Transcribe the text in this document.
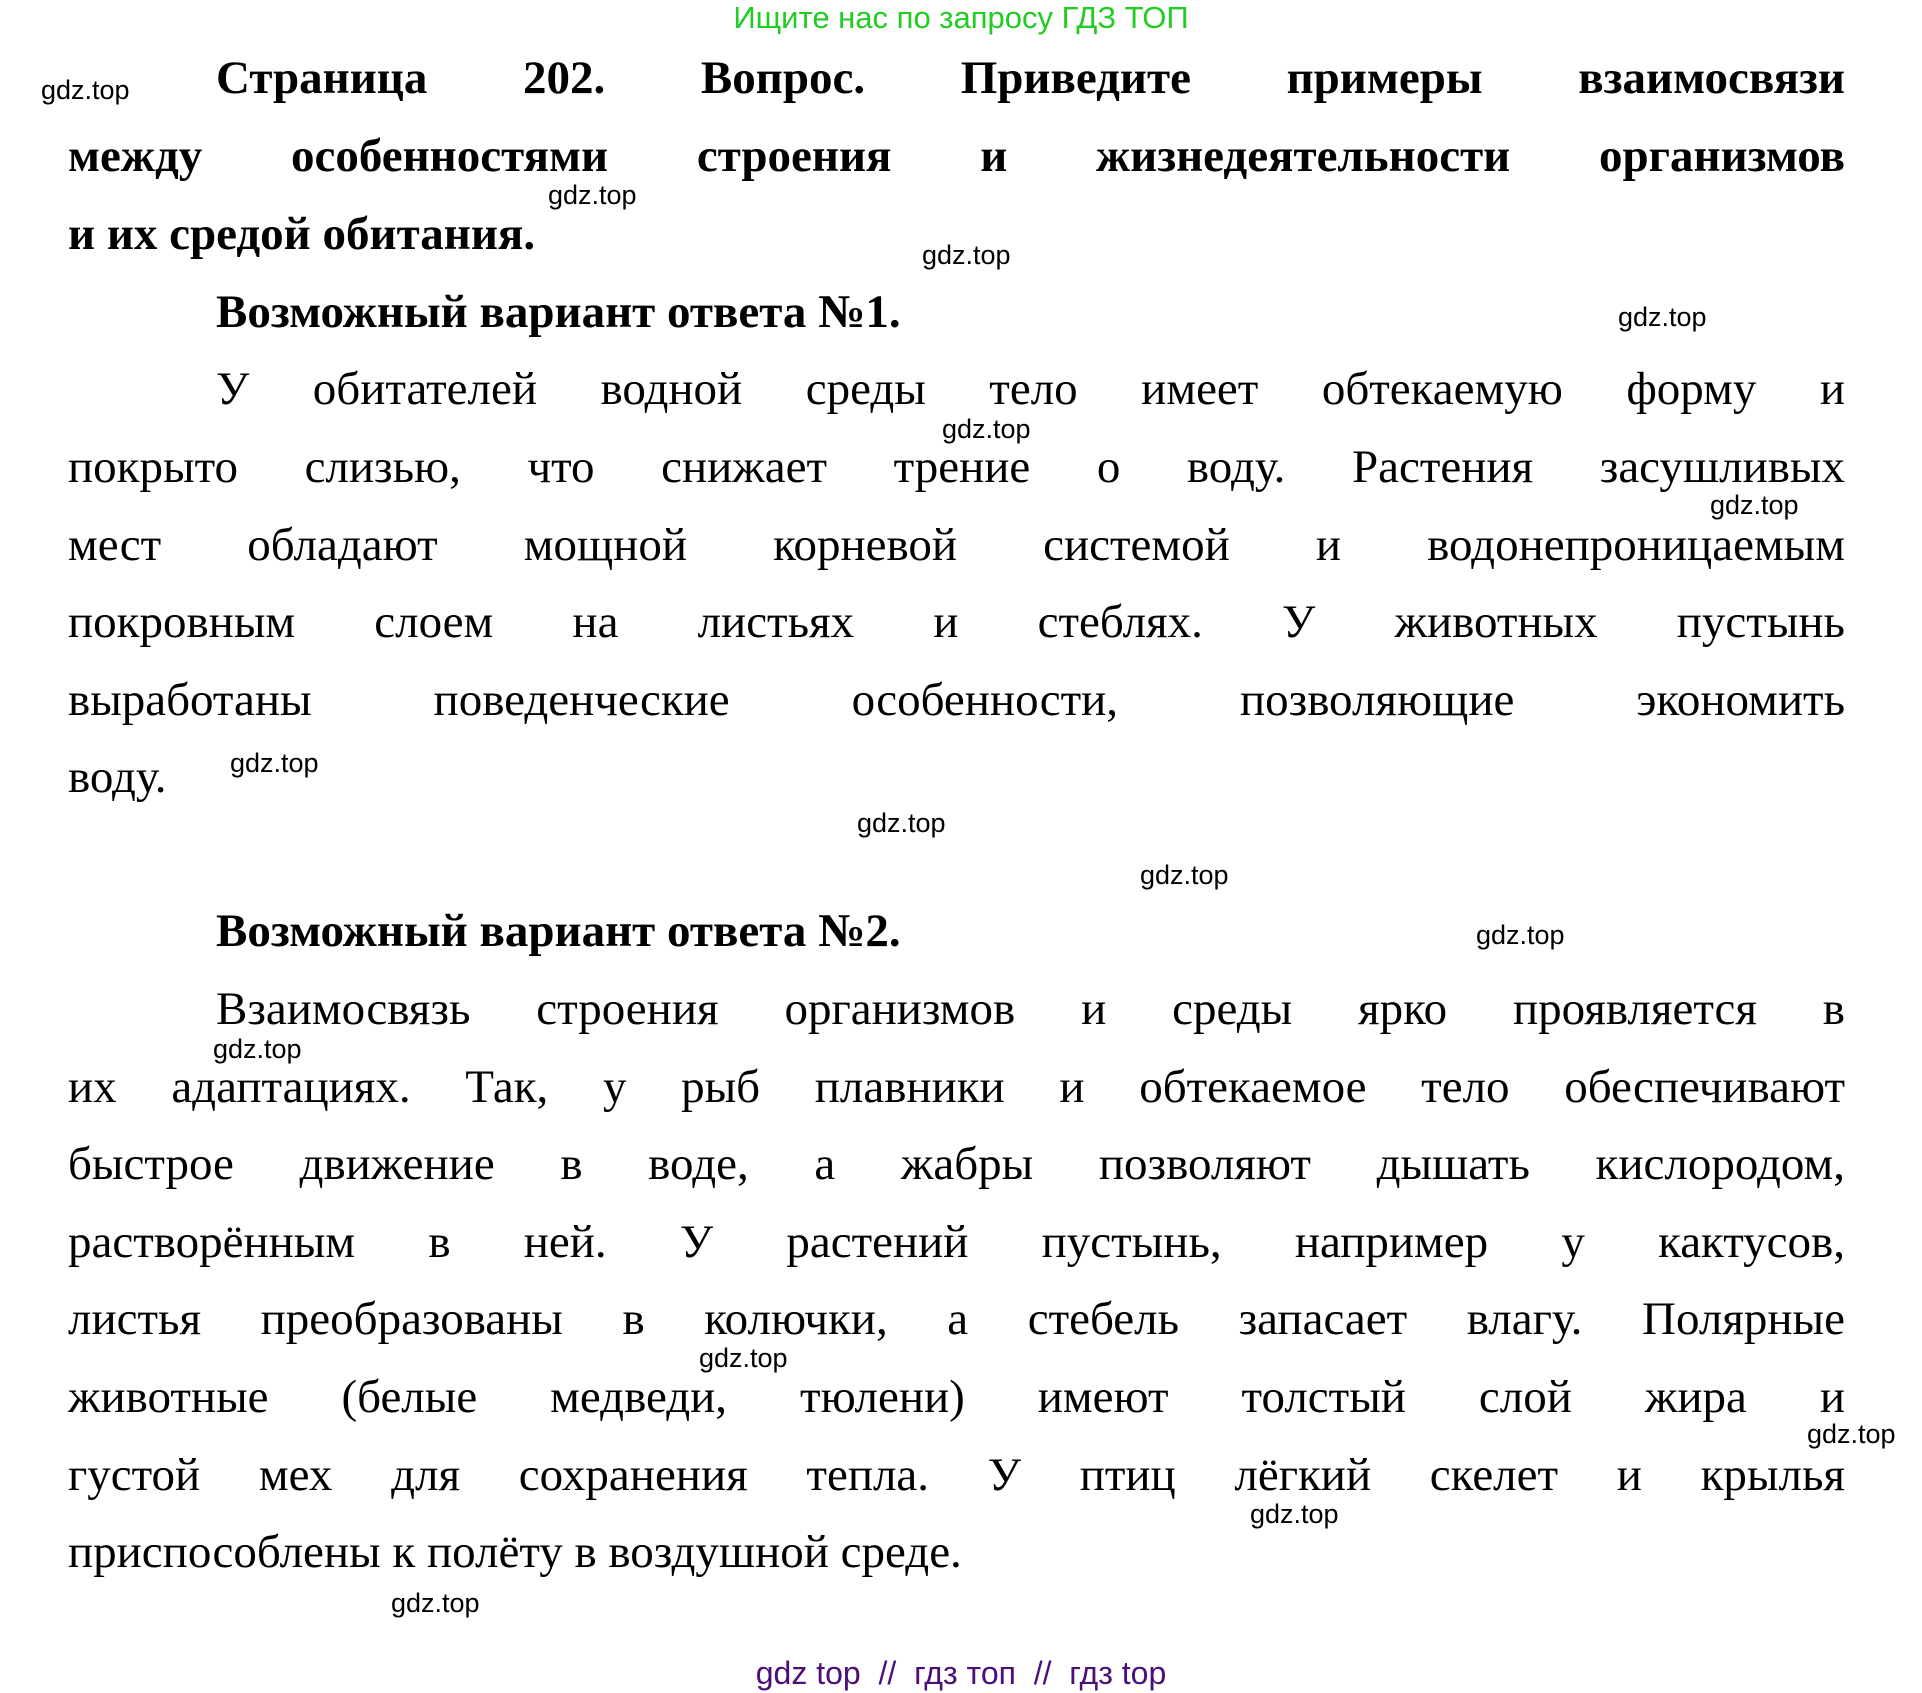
Ищите нас по запросу ГДЗ ТОП
Страница 202. Вопрос. Приведите примеры взаимосвязи
между особенностями строения и жизнедеятельности организмов
и их средой обитания.
Возможный вариант ответа №1.
У обитателей водной среды тело имеет обтекаемую форму и
покрыто слизью, что снижает трение о воду. Растения засушливых
мест обладают мощной корневой системой и водонепроницаемым
покровным слоем на листьях и стеблях. У животных пустынь
выработаны поведенческие особенности, позволяющие экономить
воду.
Возможный вариант ответа №2.
Взаимосвязь строения организмов и среды ярко проявляется в
их адаптациях. Так, у рыб плавники и обтекаемое тело обеспечивают
быстрое движение в воде, а жабры позволяют дышать кислородом,
растворённым в ней. У растений пустынь, например у кактусов,
листья преобразованы в колючки, а стебель запасает влагу. Полярные
животные (белые медведи, тюлени) имеют толстый слой жира и
густой мех для сохранения тепла. У птиц лёгкий скелет и крылья
приспособлены к полёту в воздушной среде.
gdz.top
gdz.top
gdz.top
gdz.top
gdz.top
gdz.top
gdz.top
gdz.top
gdz.top
gdz.top
gdz.top
gdz.top
gdz.top
gdz.top
gdz.top
gdz top  //  гдз топ  //  гдз top
